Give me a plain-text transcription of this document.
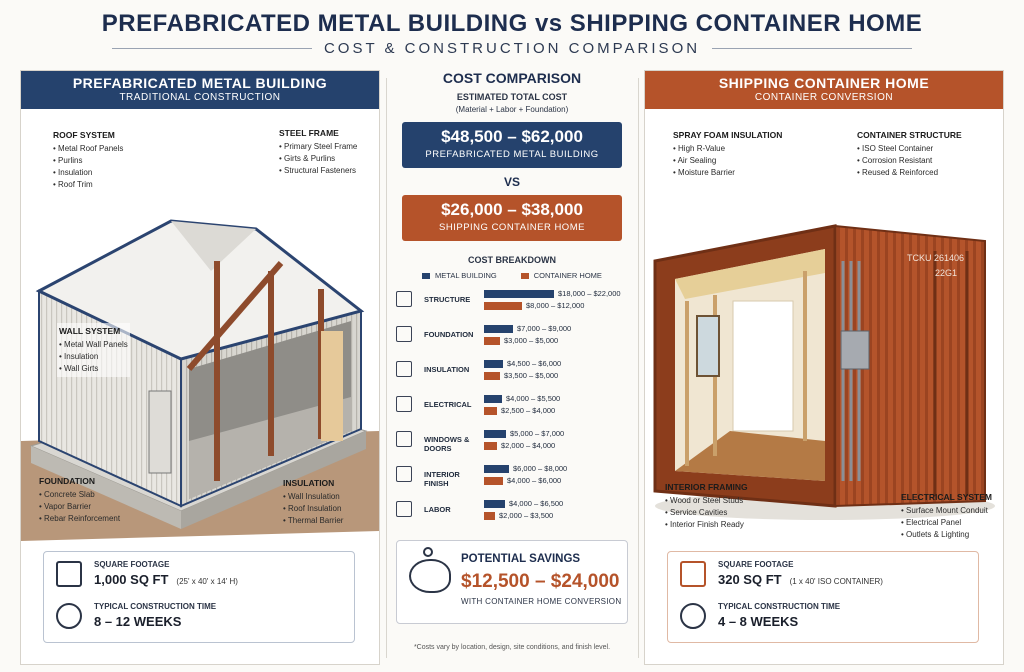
PREFABRICATED METAL BUILDING vs SHIPPING CONTAINER HOME
COST & CONSTRUCTION COMPARISON
PREFABRICATED METAL BUILDING
TRADITIONAL CONSTRUCTION
ROOF SYSTEM
• Metal Roof Panels
• Purlins
• Insulation
• Roof Trim
STEEL FRAME
• Primary Steel Frame
• Girts & Purlins
• Structural Fasteners
WALL SYSTEM
• Metal Wall Panels
• Insulation
• Wall Girts
FOUNDATION
• Concrete Slab
• Vapor Barrier
• Rebar Reinforcement
INSULATION
• Wall Insulation
• Roof Insulation
• Thermal Barrier
SQUARE FOOTAGE
1,000 SQ FT (25' x 40' x 14' H)
TYPICAL CONSTRUCTION TIME
8 – 12 WEEKS
COST COMPARISON
ESTIMATED TOTAL COST
(Material + Labor + Foundation)
$48,500 – $62,000
PREFABRICATED METAL BUILDING
VS
$26,000 – $38,000
SHIPPING CONTAINER HOME
COST BREAKDOWN
METAL BUILDING	CONTAINER HOME
STRUCTURE
$18,000 – $22,000
$8,000 – $12,000
FOUNDATION
$7,000 – $9,000
$3,000 – $5,000
INSULATION
$4,500 – $6,000
$3,500 – $5,000
ELECTRICAL
$4,000 – $5,500
$2,500 – $4,000
WINDOWS & DOORS
$5,000 – $7,000
$2,000 – $4,000
INTERIOR FINISH
$6,000 – $8,000
$4,000 – $6,000
LABOR
$4,000 – $6,500
$2,000 – $3,500
POTENTIAL SAVINGS
$12,500 – $24,000
WITH CONTAINER HOME CONVERSION
*Costs vary by location, design, site conditions, and finish level.
SHIPPING CONTAINER HOME
CONTAINER CONVERSION
TCKU 261406
22G1
SPRAY FOAM INSULATION
• High R-Value
• Air Sealing
• Moisture Barrier
CONTAINER STRUCTURE
• ISO Steel Container
• Corrosion Resistant
• Reused & Reinforced
INTERIOR FRAMING
• Wood or Steel Studs
• Service Cavities
• Interior Finish Ready
ELECTRICAL SYSTEM
• Surface Mount Conduit
• Electrical Panel
• Outlets & Lighting
SQUARE FOOTAGE
320 SQ FT (1 x 40' ISO CONTAINER)
TYPICAL CONSTRUCTION TIME
4 – 8 WEEKS
